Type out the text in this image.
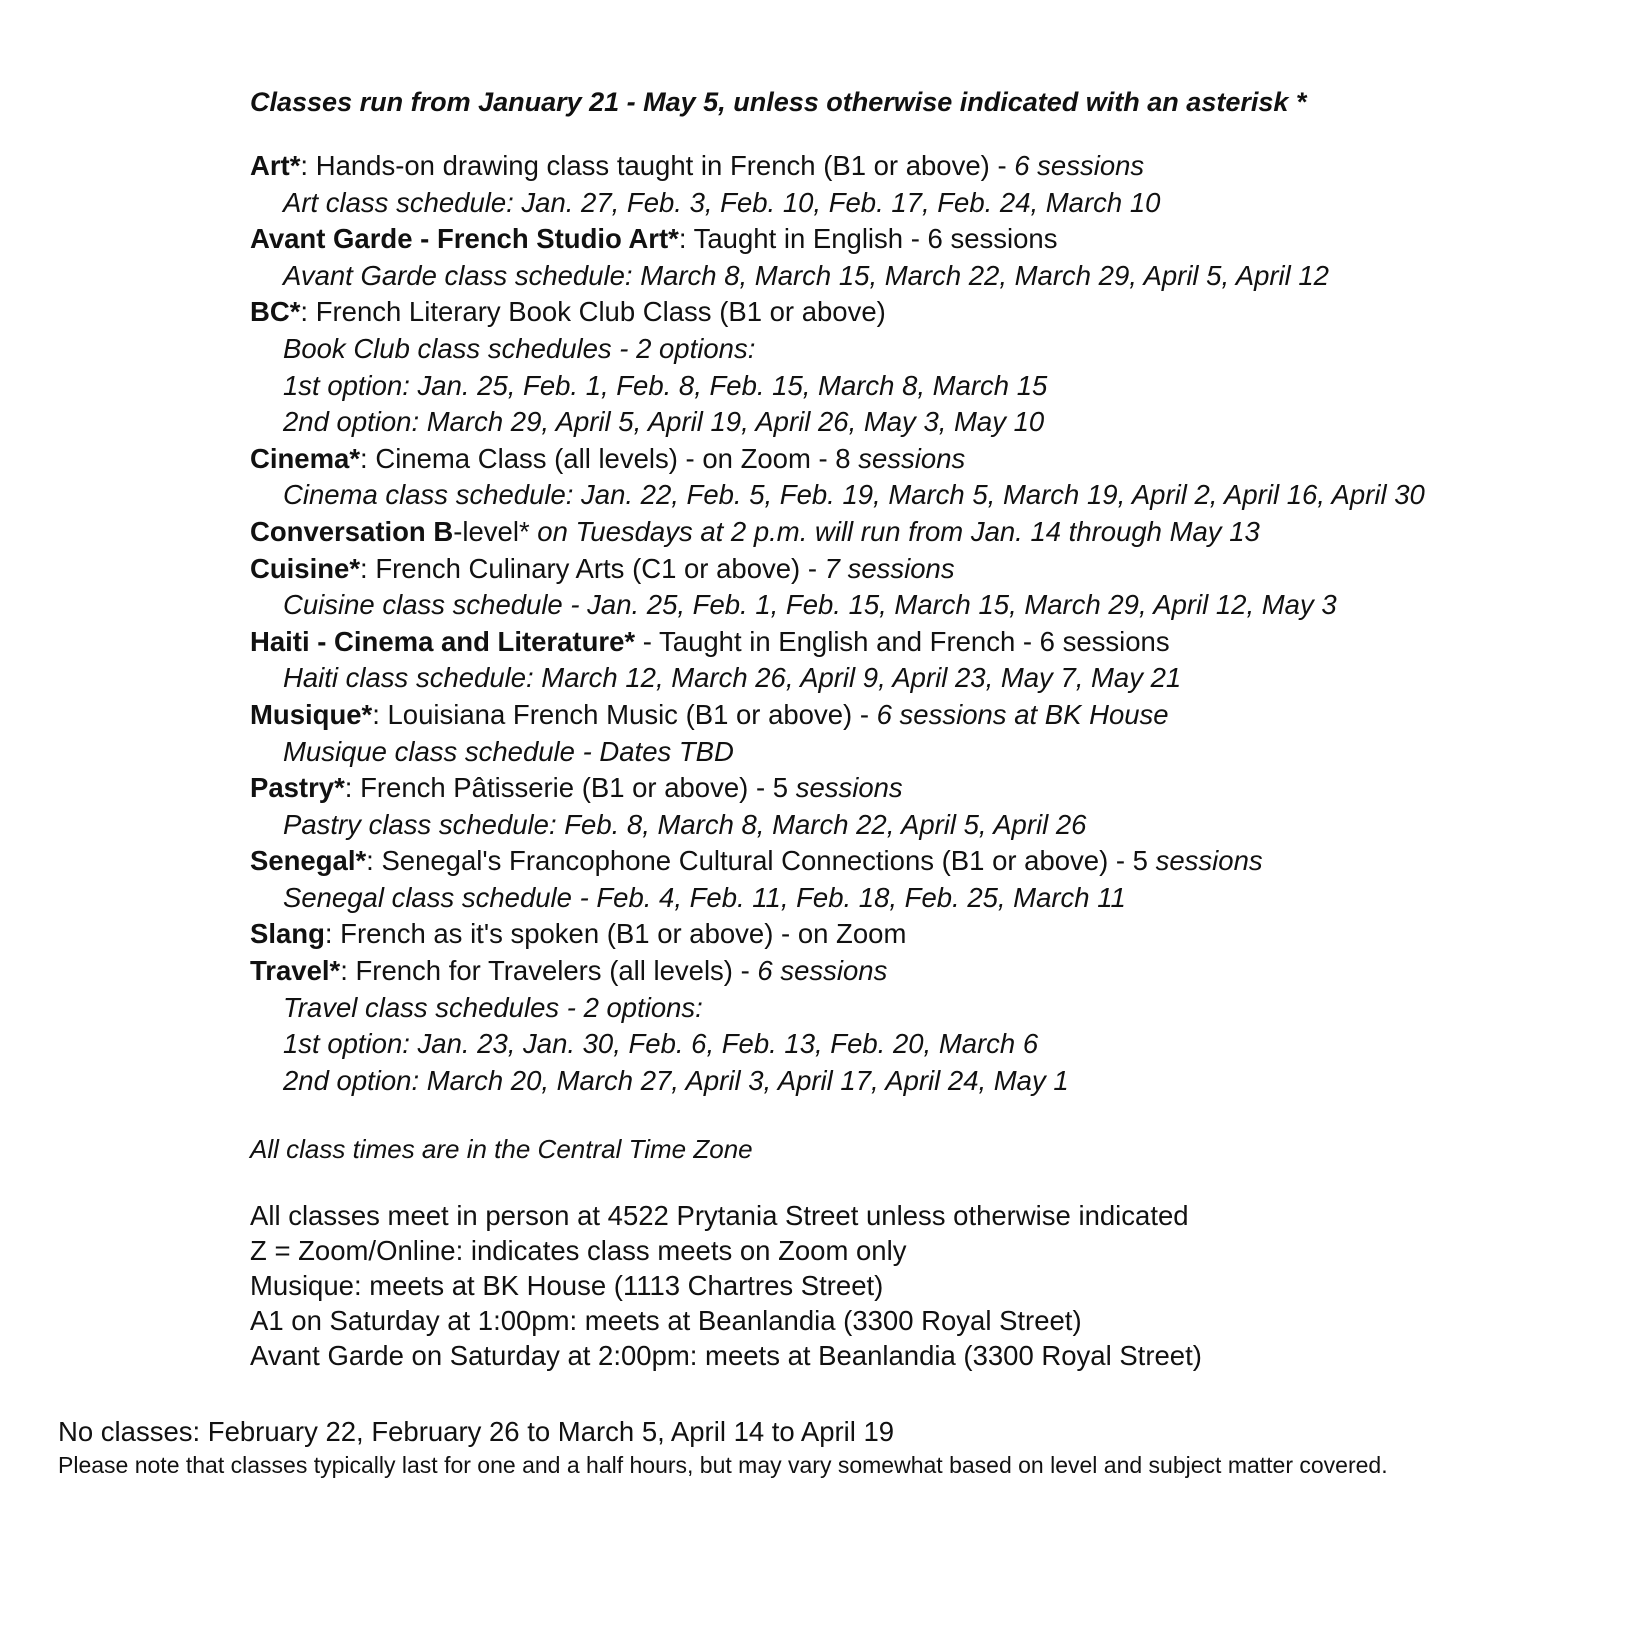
Classes run from January 21 - May 5, unless otherwise indicated with an asterisk *

Art*: Hands-on drawing class taught in French (B1 or above) - 6 sessions
Art class schedule: Jan. 27, Feb. 3, Feb. 10, Feb. 17, Feb. 24, March 10
Avant Garde - French Studio Art*: Taught in English - 6 sessions
Avant Garde class schedule: March 8, March 15, March 22, March 29, April 5, April 12
BC*: French Literary Book Club Class (B1 or above)
Book Club class schedules - 2 options:
1st option: Jan. 25, Feb. 1, Feb. 8, Feb. 15, March 8, March 15
2nd option: March 29, April 5, April 19, April 26, May 3, May 10
Cinema*: Cinema Class (all levels) - on Zoom - 8 sessions
Cinema class schedule: Jan. 22, Feb. 5, Feb. 19, March 5, March 19, April 2, April 16, April 30
Conversation B-level* on Tuesdays at 2 p.m. will run from Jan. 14 through May 13
Cuisine*: French Culinary Arts (C1 or above) - 7 sessions
Cuisine class schedule - Jan. 25, Feb. 1, Feb. 15, March 15, March 29, April 12, May 3
Haiti - Cinema and Literature* - Taught in English and French - 6 sessions
Haiti class schedule: March 12, March 26, April 9, April 23, May 7, May 21
Musique*: Louisiana French Music (B1 or above) - 6 sessions at BK House
Musique class schedule - Dates TBD
Pastry*: French Pâtisserie (B1 or above) - 5 sessions
Pastry class schedule: Feb. 8, March 8, March 22, April 5, April 26
Senegal*: Senegal's Francophone Cultural Connections (B1 or above) - 5 sessions
Senegal class schedule - Feb. 4, Feb. 11, Feb. 18, Feb. 25, March 11
Slang: French as it's spoken (B1 or above) - on Zoom
Travel*: French for Travelers (all levels) - 6 sessions
Travel class schedules - 2 options:
1st option: Jan. 23, Jan. 30, Feb. 6, Feb. 13, Feb. 20, March 6
2nd option: March 20, March 27, April 3, April 17, April 24, May 1

All class times are in the Central Time Zone

All classes meet in person at 4522 Prytania Street unless otherwise indicated
Z = Zoom/Online: indicates class meets on Zoom only
Musique: meets at BK House (1113 Chartres Street)
A1 on Saturday at 1:00pm: meets at Beanlandia (3300 Royal Street)
Avant Garde on Saturday at 2:00pm: meets at Beanlandia (3300 Royal Street)
No classes: February 22, February 26 to March 5, April 14 to April 19
Please note that classes typically last for one and a half hours, but may vary somewhat based on level and subject matter covered.
